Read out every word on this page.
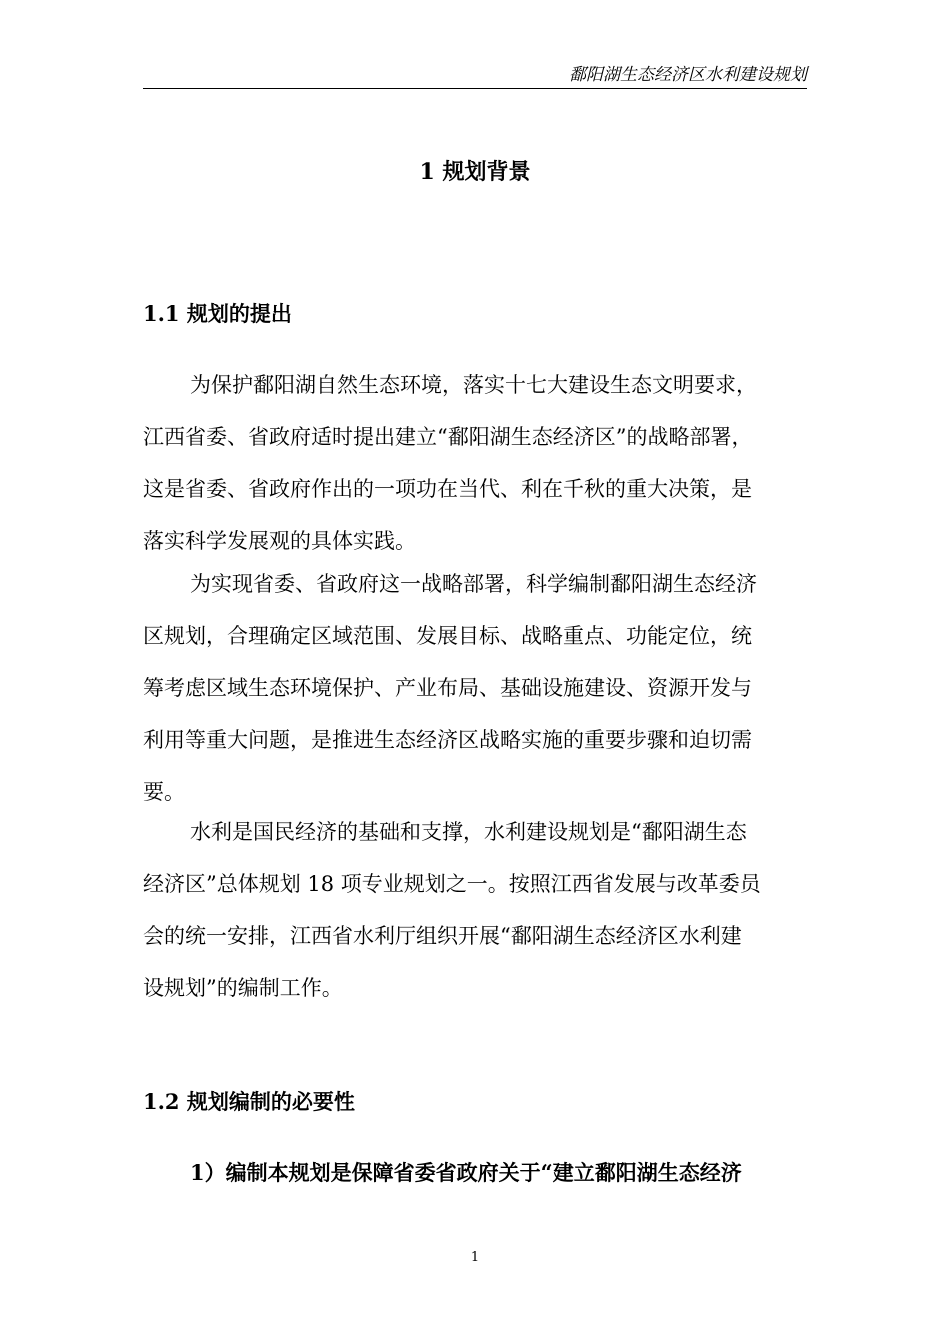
鄱阳湖生态经济区水利建设规划
1 规划背景
1.1 规划的提出
为保护鄱阳湖自然生态环境，落实十七大建设生态文明要求，
江西省委、省政府适时提出建立“鄱阳湖生态经济区”的战略部署，
这是省委、省政府作出的一项功在当代、利在千秋的重大决策，是
落实科学发展观的具体实践。
为实现省委、省政府这一战略部署，科学编制鄱阳湖生态经济
区规划，合理确定区域范围、发展目标、战略重点、功能定位，统
筹考虑区域生态环境保护、产业布局、基础设施建设、资源开发与
利用等重大问题，是推进生态经济区战略实施的重要步骤和迫切需
要。
水利是国民经济的基础和支撑，水利建设规划是“鄱阳湖生态
经济区”总体规划 18 项专业规划之一。按照江西省发展与改革委员
会的统一安排，江西省水利厅组织开展“鄱阳湖生态经济区水利建
设规划”的编制工作。
1.2 规划编制的必要性
1）编制本规划是保障省委省政府关于“建立鄱阳湖生态经济
1
